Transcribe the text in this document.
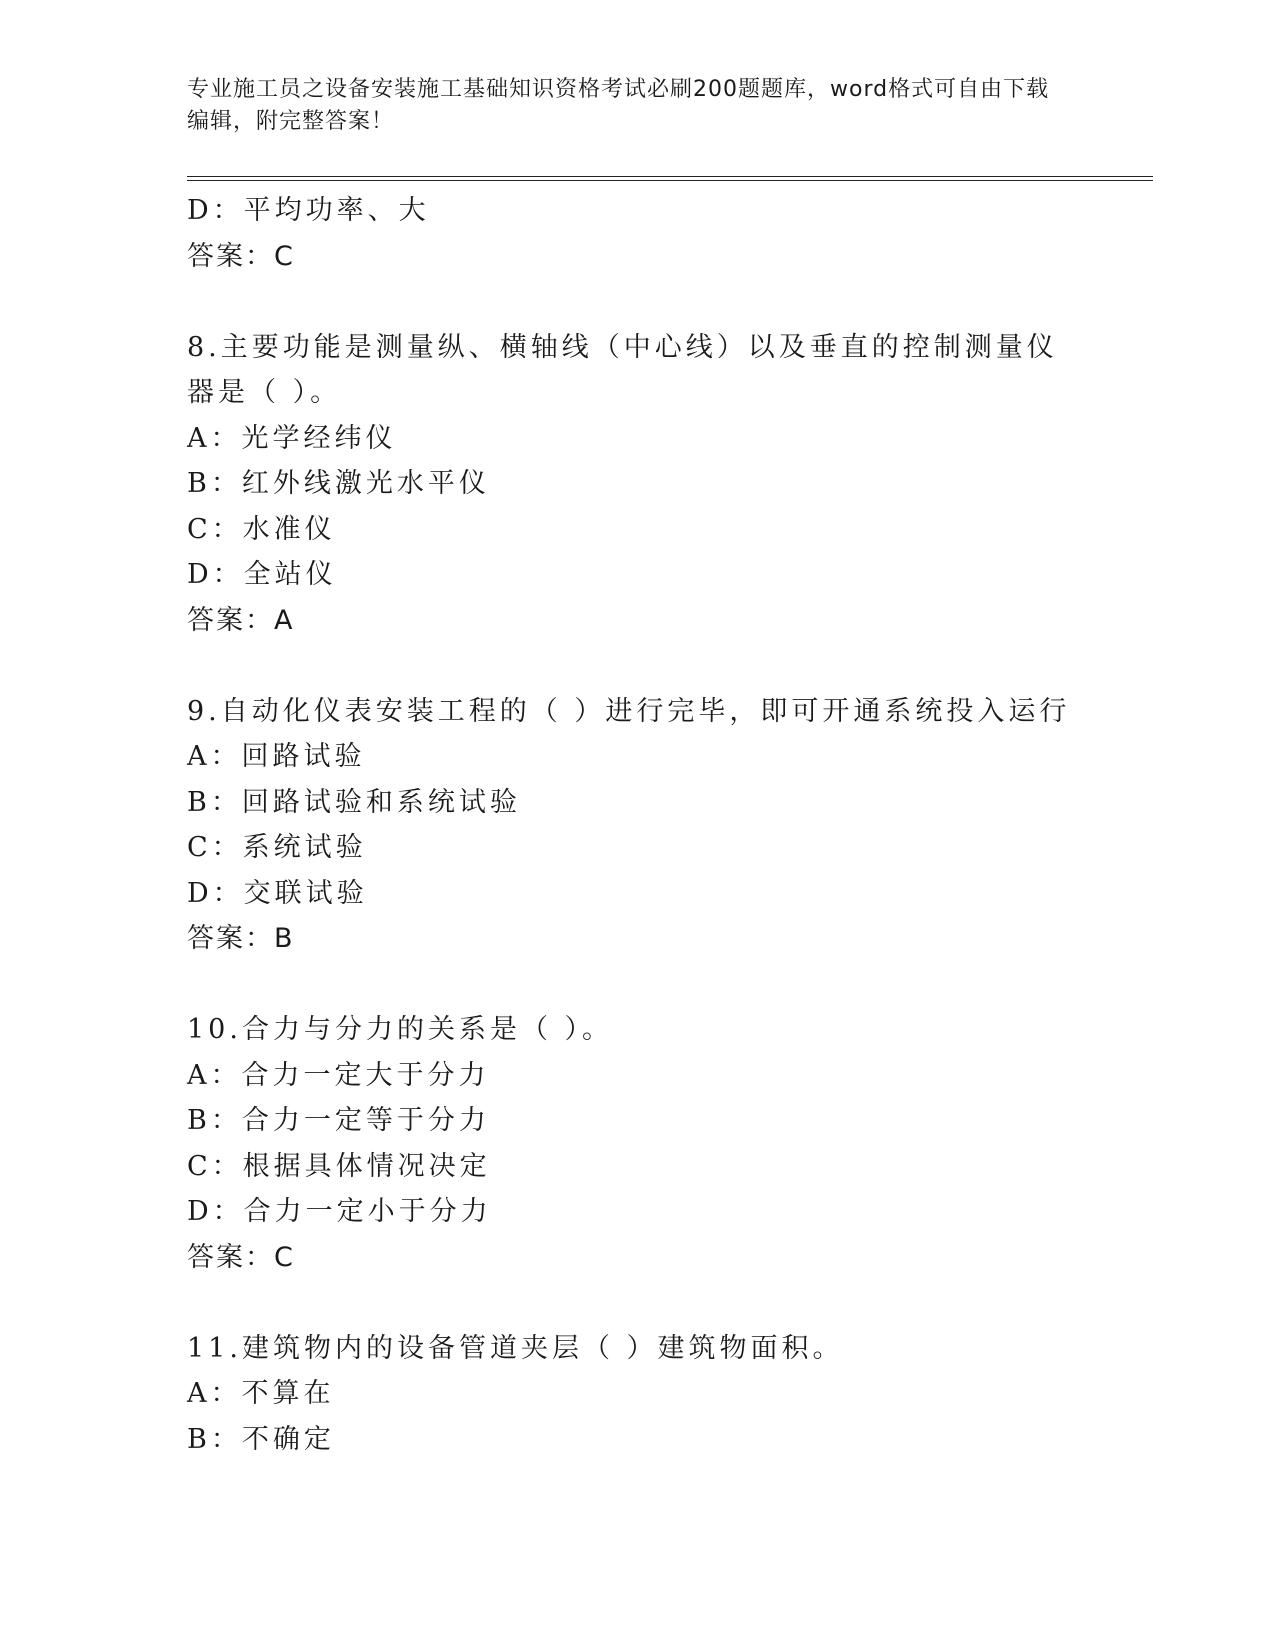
专业施工员之设备安装施工基础知识资格考试必刷200题题库，word格式可自由下载编辑，附完整答案！
D：平均功率、大
答案：C
8.主要功能是测量纵、横轴线（中心线）以及垂直的控制测量仪器是（ ）。
A：光学经纬仪
B：红外线激光水平仪
C：水准仪
D：全站仪
答案：A
9.自动化仪表安装工程的（ ）进行完毕，即可开通系统投入运行
A：回路试验
B：回路试验和系统试验
C：系统试验
D：交联试验
答案：B
10.合力与分力的关系是（ ）。
A：合力一定大于分力
B：合力一定等于分力
C：根据具体情况决定
D：合力一定小于分力
答案：C
11.建筑物内的设备管道夹层（ ）建筑物面积。
A：不算在
B：不确定
